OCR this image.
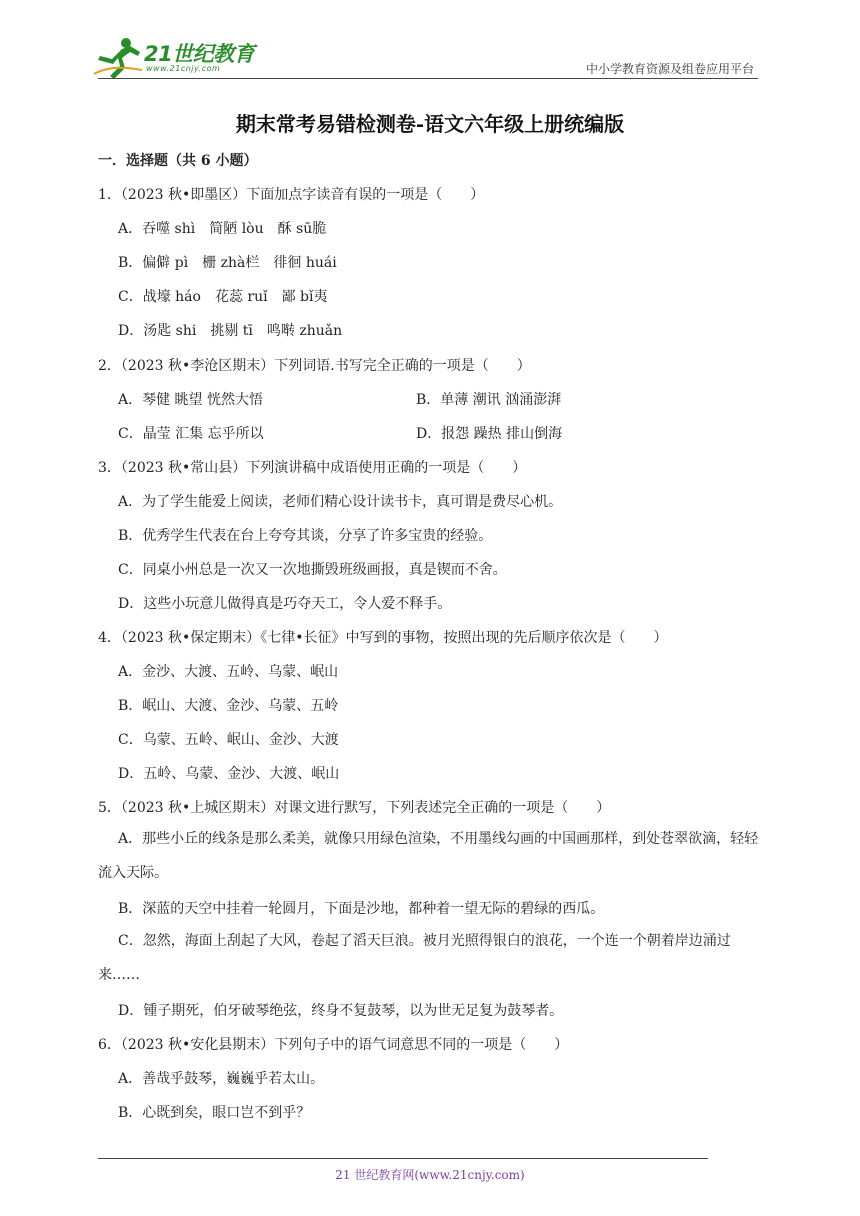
21世纪教育
www.21cnjy.com	中小学教育资源及组卷应用平台
期末常考易错检测卷-语文六年级上册统编版
一．选择题（共 6 小题）
1．（2023 秋•即墨区）下面加点字读音有误的一项是（　　）
A．吞噬 shì　简陋 lòu　酥 sū脆
B．偏僻 pì　栅 zhà栏　徘徊 huái
C．战壕 háo　花蕊 ruǐ　鄙 bǐ夷
D．汤匙 shi　挑剔 tī　鸣啭 zhuǎn
2．（2023 秋•李沧区期末）下列词语.书写完全正确的一项是（　　）
A．琴健 眺望 恍然大悟	B．单薄 潮讯 汹涌澎湃
C．晶莹 汇集 忘乎所以	D．报怨 躁热 排山倒海
3．（2023 秋•常山县）下列演讲稿中成语使用正确的一项是（　　）
A．为了学生能爱上阅读，老师们精心设计读书卡，真可谓是费尽心机。
B．优秀学生代表在台上夸夸其谈，分享了许多宝贵的经验。
C．同桌小州总是一次又一次地撕毁班级画报，真是锲而不舍。
D．这些小玩意儿做得真是巧夺天工，令人爱不释手。
4．（2023 秋•保定期末）《七律•长征》中写到的事物，按照出现的先后顺序依次是（　　）
A．金沙、大渡、五岭、乌蒙、岷山
B．岷山、大渡、金沙、乌蒙、五岭
C．乌蒙、五岭、岷山、金沙、大渡
D．五岭、乌蒙、金沙、大渡、岷山
5．（2023 秋•上城区期末）对课文进行默写，下列表述完全正确的一项是（　　）
A．那些小丘的线条是那么柔美，就像只用绿色渲染，不用墨线勾画的中国画那样，到处苍翠欲滴，轻轻流入天际。
B．深蓝的天空中挂着一轮圆月，下面是沙地，都种着一望无际的碧绿的西瓜。
C．忽然，海面上刮起了大风，卷起了滔天巨浪。被月光照得银白的浪花，一个连一个朝着岸边涌过来……
D．锺子期死，伯牙破琴绝弦，终身不复鼓琴，以为世无足复为鼓琴者。
6．（2023 秋•安化县期末）下列句子中的语气词意思不同的一项是（　　）
A．善哉乎鼓琴，巍巍乎若太山。
B．心既到矣，眼口岂不到乎？
21 世纪教育网(www.21cnjy.com)
